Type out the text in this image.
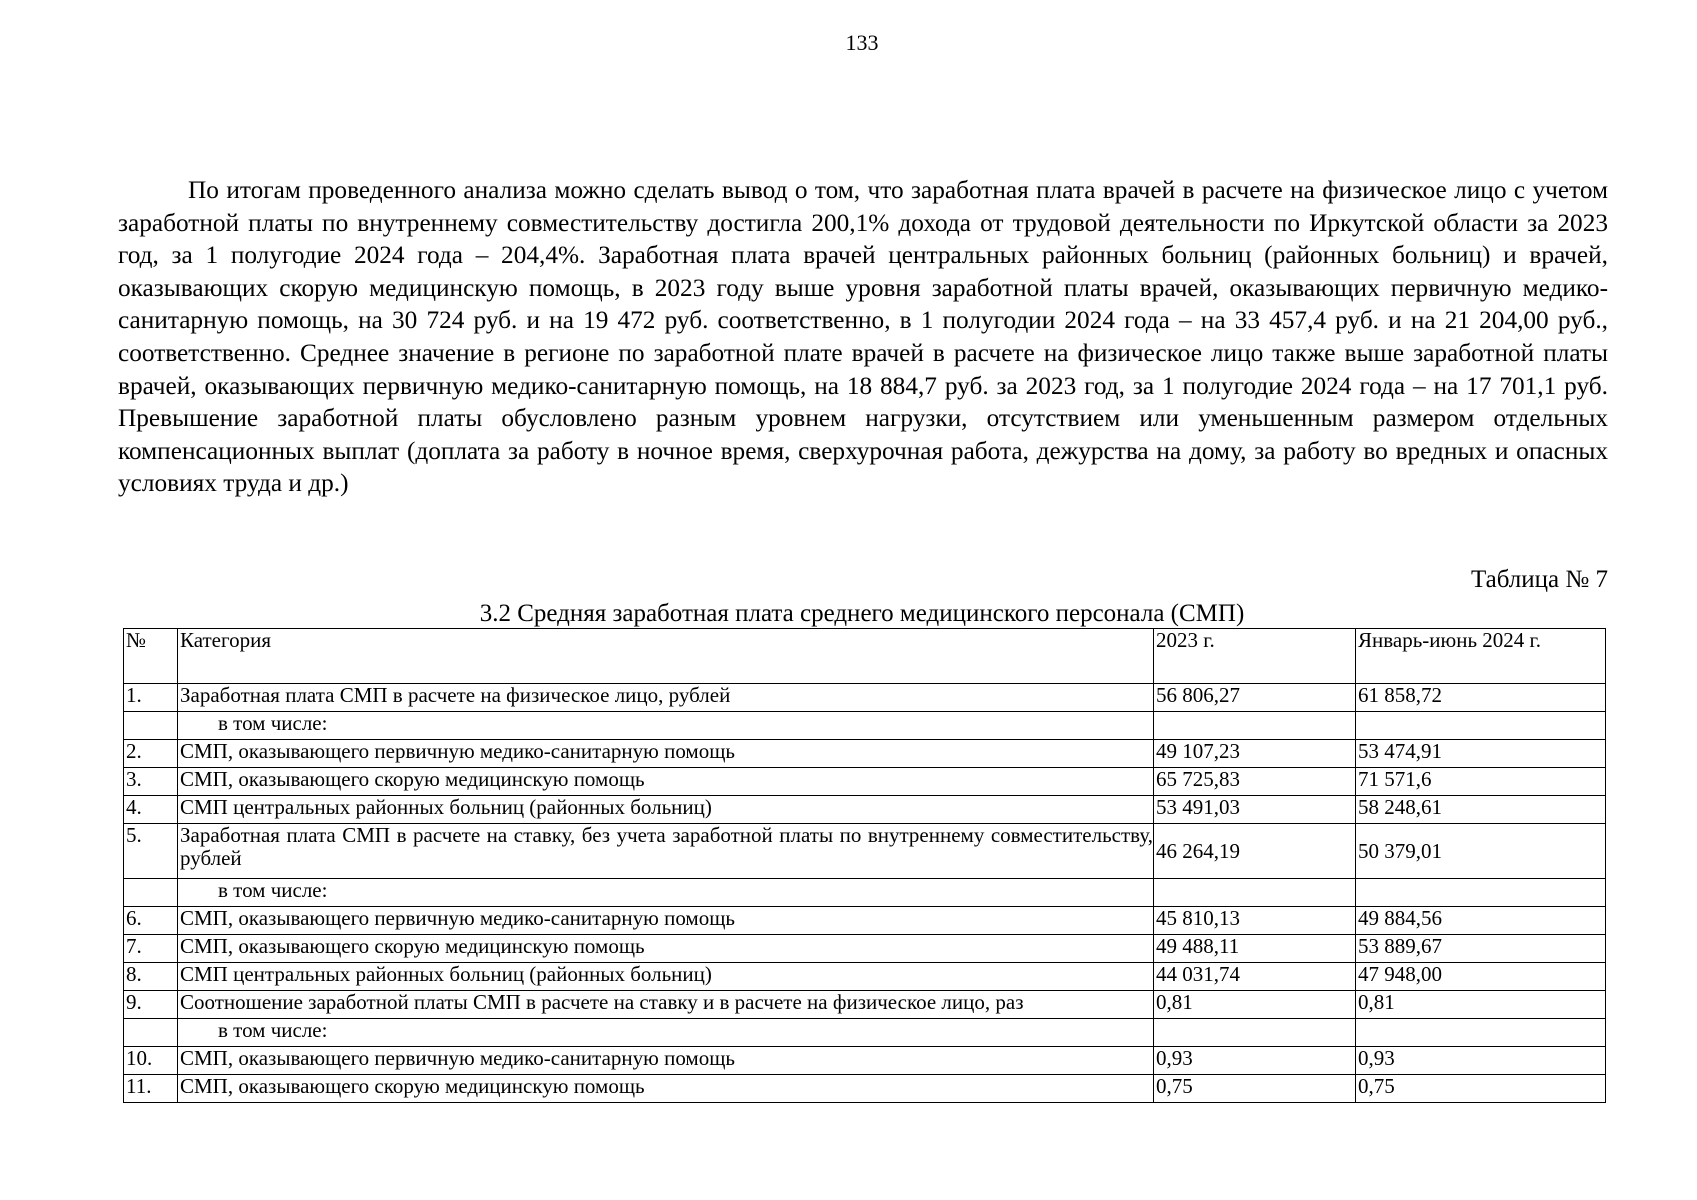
133

По итогам проведенного анализа можно сделать вывод о том, что заработная плата врачей в расчете на физическое лицо с учетом заработной платы по внутреннему совместительству достигла 200,1% дохода от трудовой деятельности по Иркутской области за 2023 год, за 1 полугодие 2024 года – 204,4%. Заработная плата врачей центральных районных больниц (районных больниц) и врачей, оказывающих скорую медицинскую помощь, в 2023 году выше уровня заработной платы врачей, оказывающих первичную медико-санитарную помощь, на 30 724 руб. и на 19 472 руб. соответственно, в 1 полугодии 2024 года – на 33 457,4 руб. и на 21 204,00 руб., соответственно. Среднее значение в регионе по заработной плате врачей в расчете на физическое лицо также выше заработной платы врачей, оказывающих первичную медико-санитарную помощь, на 18 884,7 руб. за 2023 год, за 1 полугодие 2024 года – на 17 701,1 руб. Превышение заработной платы обусловлено разным уровнем нагрузки, отсутствием или уменьшенным размером отдельных компенсационных выплат (доплата за работу в ночное время, сверхурочная работа, дежурства на дому, за работу во вредных и опасных условиях труда и др.)

Таблица № 7
3.2 Средняя заработная плата среднего медицинского персонала (СМП)
№	Категория	2023 г.	Январь-июнь 2024 г.
1.	Заработная плата СМП в расчете на физическое лицо, рублей	56 806,27	61 858,72
	в том числе:		
2.	СМП, оказывающего первичную медико-санитарную помощь	49 107,23	53 474,91
3.	СМП, оказывающего скорую медицинскую помощь	65 725,83	71 571,6
4.	СМП центральных районных больниц (районных больниц)	53 491,03	58 248,61
5.	Заработная плата СМП в расчете на ставку, без учета заработной платы по внутреннему совместительству, рублей	46 264,19	50 379,01
	в том числе:		
6.	СМП, оказывающего первичную медико-санитарную помощь	45 810,13	49 884,56
7.	СМП, оказывающего скорую медицинскую помощь	49 488,11	53 889,67
8.	СМП центральных районных больниц (районных больниц)	44 031,74	47 948,00
9.	Соотношение заработной платы СМП в расчете на ставку и в расчете на физическое лицо, раз	0,81	0,81
	в том числе:		
10.	СМП, оказывающего первичную медико-санитарную помощь	0,93	0,93
11.	СМП, оказывающего скорую медицинскую помощь	0,75	0,75
